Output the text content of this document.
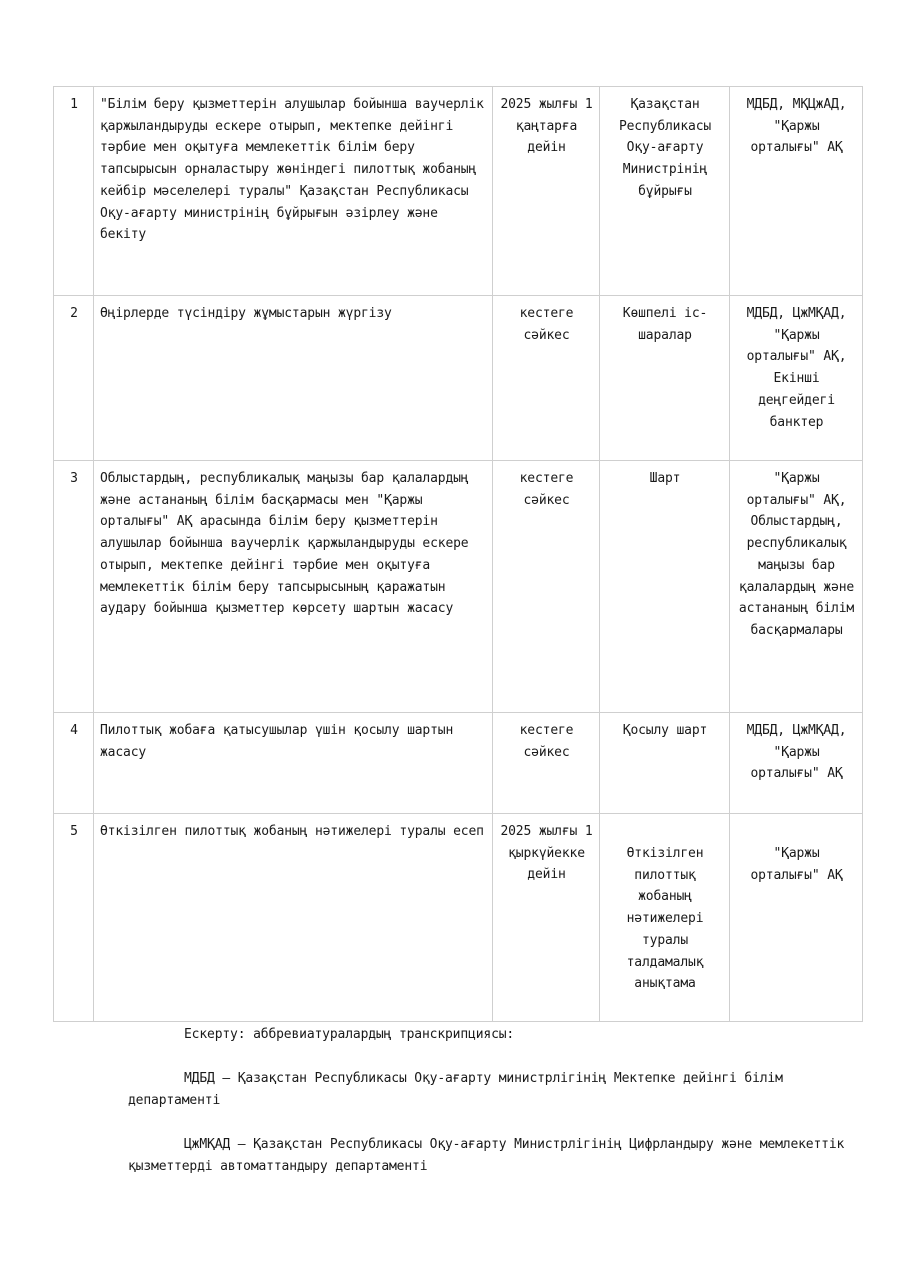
1	"Білім беру қызметтерін алушылар бойынша ваучерлік қаржыландыруды ескере отырып, мектепке дейінгі тәрбие мен оқытуға мемлекеттік білім беру тапсырысын орналастыру жөніндегі пилоттық жобаның кейбір мәселелері туралы" Қазақстан Республикасы Оқу-ағарту министрінің бұйрығын әзірлеу және бекіту	2025 жылғы 1 қаңтарға дейін	Қазақстан Республикасы Оқу-ағарту Министрінің бұйрығы	МДБД, МҚЦжАД, "Қаржы орталығы" АҚ
2	Өңірлерде түсіндіру жұмыстарын жүргізу	кестеге сәйкес	Көшпелі іс-шаралар	МДБД, ЦжМҚАД, "Қаржы орталығы" АҚ, Екінші деңгейдегі банктер
3	Облыстардың, республикалық маңызы бар қалалардың және астананың білім басқармасы мен "Қаржы орталығы" АҚ арасында білім беру қызметтерін алушылар бойынша ваучерлік қаржыландыруды ескере отырып, мектепке дейінгі тәрбие мен оқытуға мемлекеттік білім беру тапсырысының қаражатын аудару бойынша қызметтер көрсету шартын жасасу	кестеге сәйкес	Шарт	"Қаржы орталығы" АҚ, Облыстардың, республикалық маңызы бар қалалардың және астананың білім басқармалары
4	Пилоттық жобаға қатысушылар үшін қосылу шартын жасасу	кестеге сәйкес	Қосылу шарт	МДБД, ЦжМҚАД, "Қаржы орталығы" АҚ
5	Өткізілген пилоттық жобаның нәтижелері туралы есеп	2025 жылғы 1 қыркүйекке дейін	Өткізілген пилоттық жобаның нәтижелері туралы талдамалық анықтама	"Қаржы орталығы" АҚ

Ескерту: аббревиатуралардың транскрипциясы:

МДБД – Қазақстан Республикасы Оқу-ағарту министрлігінің Мектепке дейінгі білім департаменті

ЦжМҚАД – Қазақстан Республикасы Оқу-ағарту Министрлігінің Цифрландыру және мемлекеттік қызметтерді автоматтандыру департаменті
